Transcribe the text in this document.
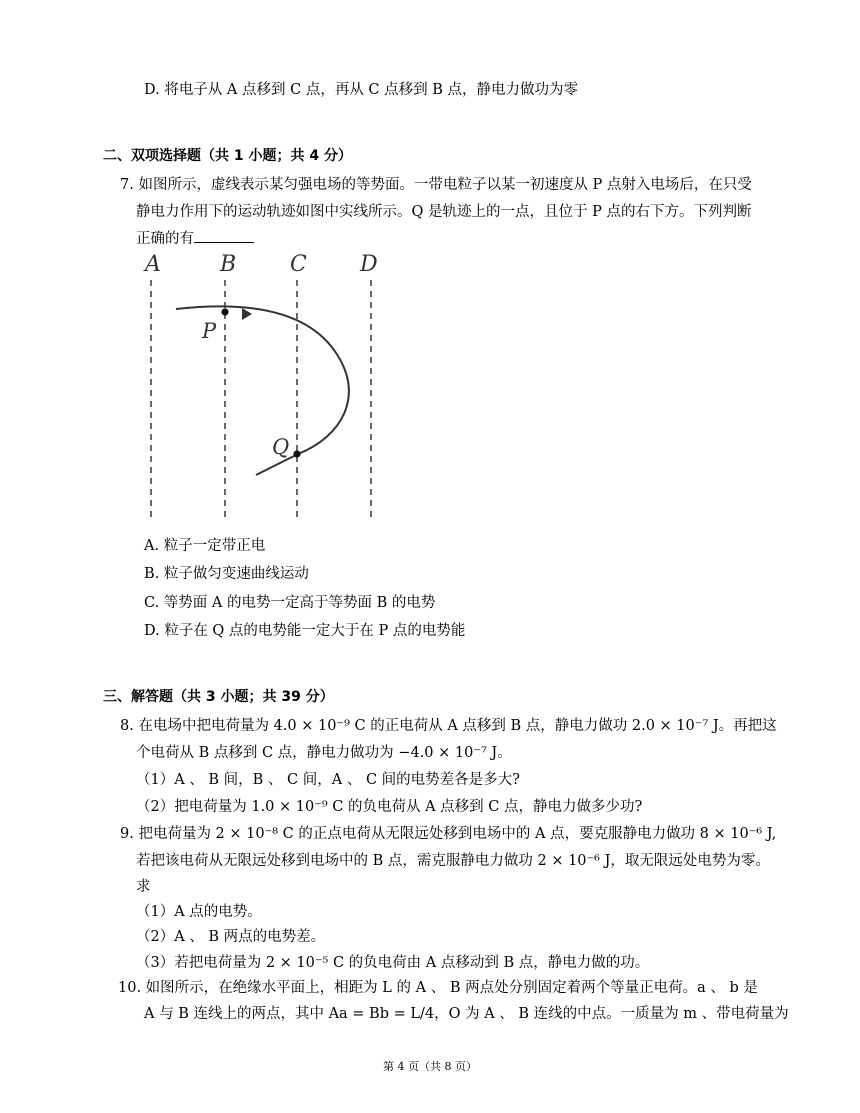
D. 将电子从 A 点移到 C 点，再从 C 点移到 B 点，静电力做功为零
二、双项选择题（共 1 小题；共 4 分）
7. 如图所示，虚线表示某匀强电场的等势面。一带电粒子以某一初速度从 P 点射入电场后，在只受
静电力作用下的运动轨迹如图中实线所示。Q 是轨迹上的一点，且位于 P 点的右下方。下列判断
正确的有
A	B C D
P
Q
A. 粒子一定带正电
B. 粒子做匀变速曲线运动
C. 等势面 A 的电势一定高于等势面 B 的电势
D. 粒子在 Q 点的电势能一定大于在 P 点的电势能
三、解答题（共 3 小题；共 39 分）
8. 在电场中把电荷量为 4.0 × 10⁻⁹ C 的正电荷从 A 点移到 B 点，静电力做功 2.0 × 10⁻⁷ J。再把这
个电荷从 B 点移到 C 点，静电力做功为 −4.0 × 10⁻⁷ J。
（1）A 、 B 间，B 、 C 间，A 、 C 间的电势差各是多大?
（2）把电荷量为 1.0 × 10⁻⁹ C 的负电荷从 A 点移到 C 点，静电力做多少功?
9. 把电荷量为 2 × 10⁻⁸ C 的正点电荷从无限远处移到电场中的 A 点，要克服静电力做功 8 × 10⁻⁶ J,
若把该电荷从无限远处移到电场中的 B 点，需克服静电力做功 2 × 10⁻⁶ J，取无限远处电势为零。
求
（1）A 点的电势。
（2）A 、 B 两点的电势差。
（3）若把电荷量为 2 × 10⁻⁵ C 的负电荷由 A 点移动到 B 点，静电力做的功。
10. 如图所示，在绝缘水平面上，相距为 L 的 A 、 B 两点处分别固定着两个等量正电荷。a 、 b 是
A 与 B 连线上的两点，其中 Aa = Bb = L/4，O 为 A 、 B 连线的中点。一质量为 m 、带电荷量为
第 4 页（共 8 页）
